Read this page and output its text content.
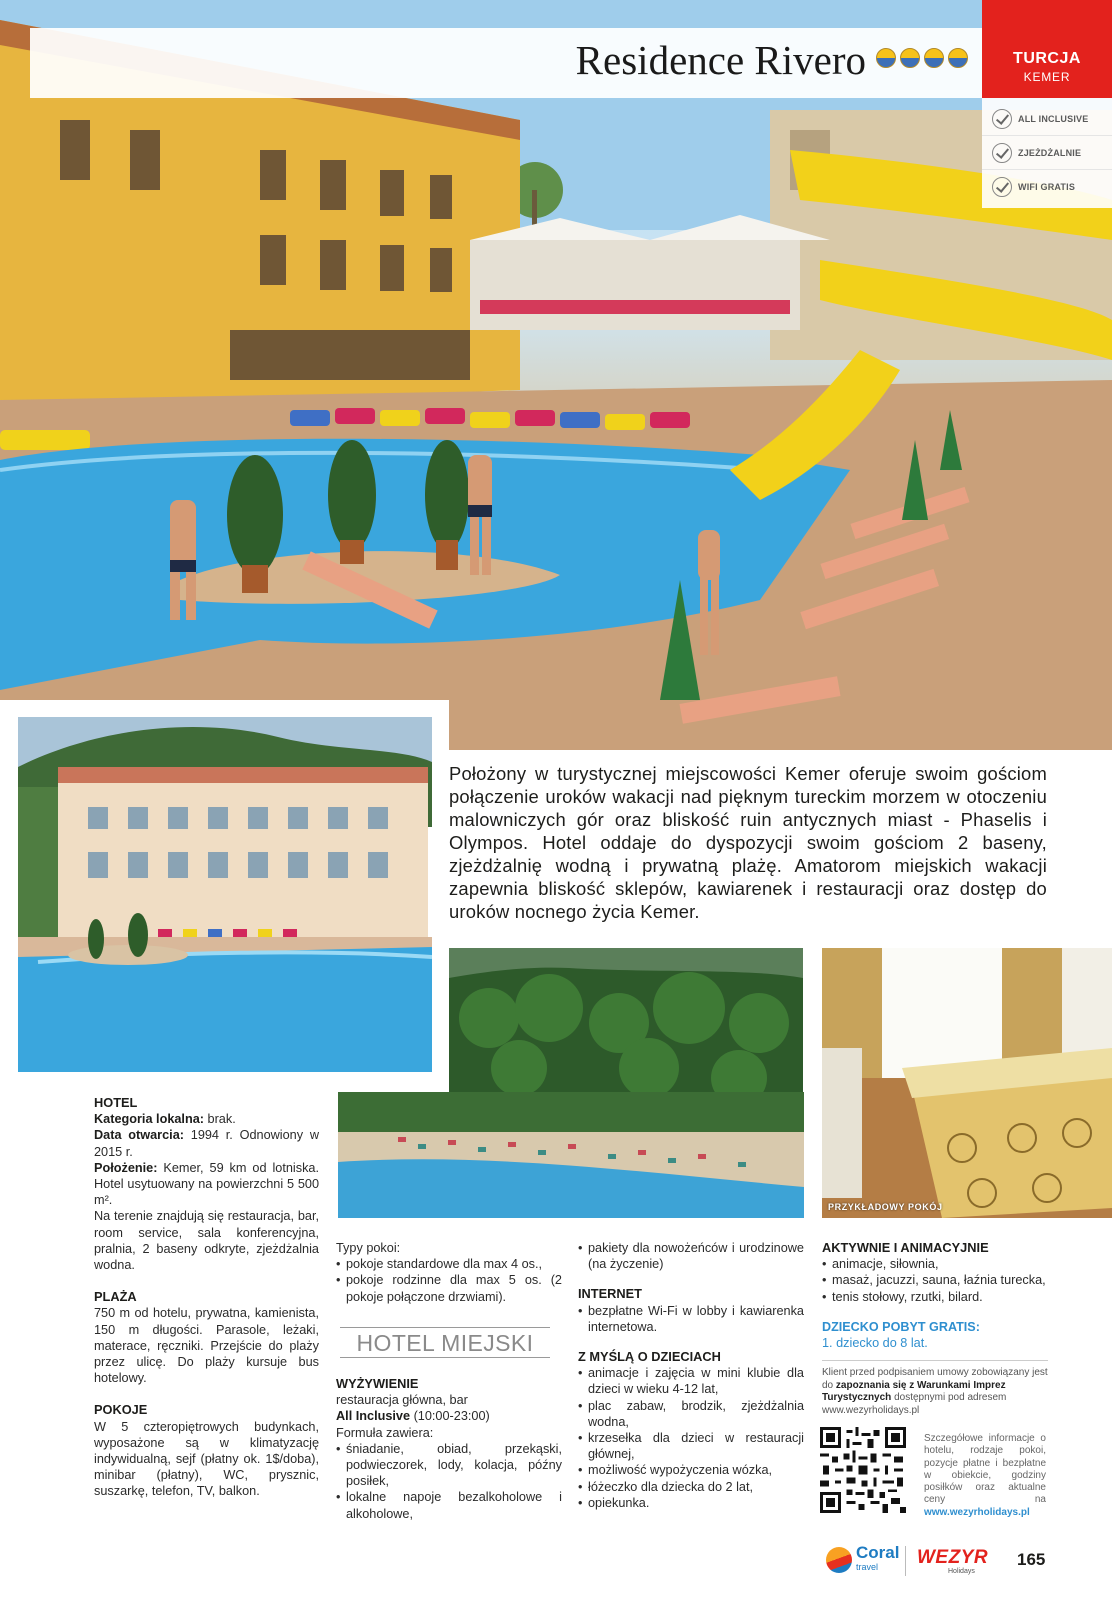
Residence Rivero	TURCJA
KEMER
ALL INCLUSIVE
ZJEŻDŻALNIE
WIFI GRATIS
Położony w turystycznej miejscowości Kemer oferuje swoim gościom połączenie uroków wakacji nad pięknym tureckim morzem w otoczeniu malowniczych gór oraz bliskość ruin antycznych miast - Phaselis i Olympos. Hotel oddaje do dyspozycji swoim gościom 2 baseny, zjeżdżalnię wodną i prywatną plażę. Amatorom miejskich wakacji zapewnia bliskość sklepów, kawiarenek i restauracji oraz dostęp do uroków nocnego życia Kemer.
PRZYKŁADOWY POKÓJ
HOTEL
Kategoria lokalna: brak.
Data otwarcia: 1994 r. Odnowiony w 2015 r.
Położenie: Kemer, 59 km od lotniska. Hotel usytuowany na powierzchni 5 500 m².
Na terenie znajdują się restauracja, bar, room service, sala konferencyjna, pralnia, 2 baseny odkryte, zjeżdżalnia wodna.
PLAŻA
750 m od hotelu, prywatna, kamienista, 150 m długości. Parasole, leżaki, materace, ręczniki. Przejście do plaży przez ulicę. Do plaży kursuje bus hotelowy.
POKOJE
W 5 czteropiętrowych budynkach, wyposażone są w klimatyzację indywidualną, sejf (płatny ok. 1$/doba), minibar (płatny), WC, prysznic, suszarkę, telefon, TV, balkon.
Typy pokoi:
• pokoje standardowe dla max 4 os.,
• pokoje rodzinne dla max 5 os. (2 pokoje połączone drzwiami).
HOTEL MIEJSKI
WYŻYWIENIE
restauracja główna, bar
All Inclusive (10:00-23:00)
Formuła zawiera:
• śniadanie, obiad, przekąski, podwieczorek, lody, kolacja, późny posiłek,
• lokalne napoje bezalkoholowe i alkoholowe,
• pakiety dla nowożeńców i urodzinowe (na życzenie)
INTERNET
• bezpłatne Wi-Fi w lobby i kawiarenka internetowa.
Z MYŚLĄ O DZIECIACH
• animacje i zajęcia w mini klubie dla dzieci w wieku 4-12 lat,
• plac zabaw, brodzik, zjeżdżalnia wodna,
• krzesełka dla dzieci w restauracji głównej,
• możliwość wypożyczenia wózka,
• łóżeczko dla dziecka do 2 lat,
• opiekunka.
AKTYWNIE I ANIMACYJNIE
• animacje, siłownia,
• masaż, jacuzzi, sauna, łaźnia turecka,
• tenis stołowy, rzutki, bilard.
DZIECKO POBYT GRATIS:
1. dziecko do 8 lat.
Klient przed podpisaniem umowy zobowiązany jest do zapoznania się z Warunkami Imprez Turystycznych dostępnymi pod adresem www.wezyrholidays.pl
Szczegółowe informacje o hotelu, rodzaje pokoi, pozycje płatne i bezpłatne w obiekcie, godziny posiłków oraz aktualne ceny na www.wezyrholidays.pl
Coral
travel	WEZYR
Holidays
165
